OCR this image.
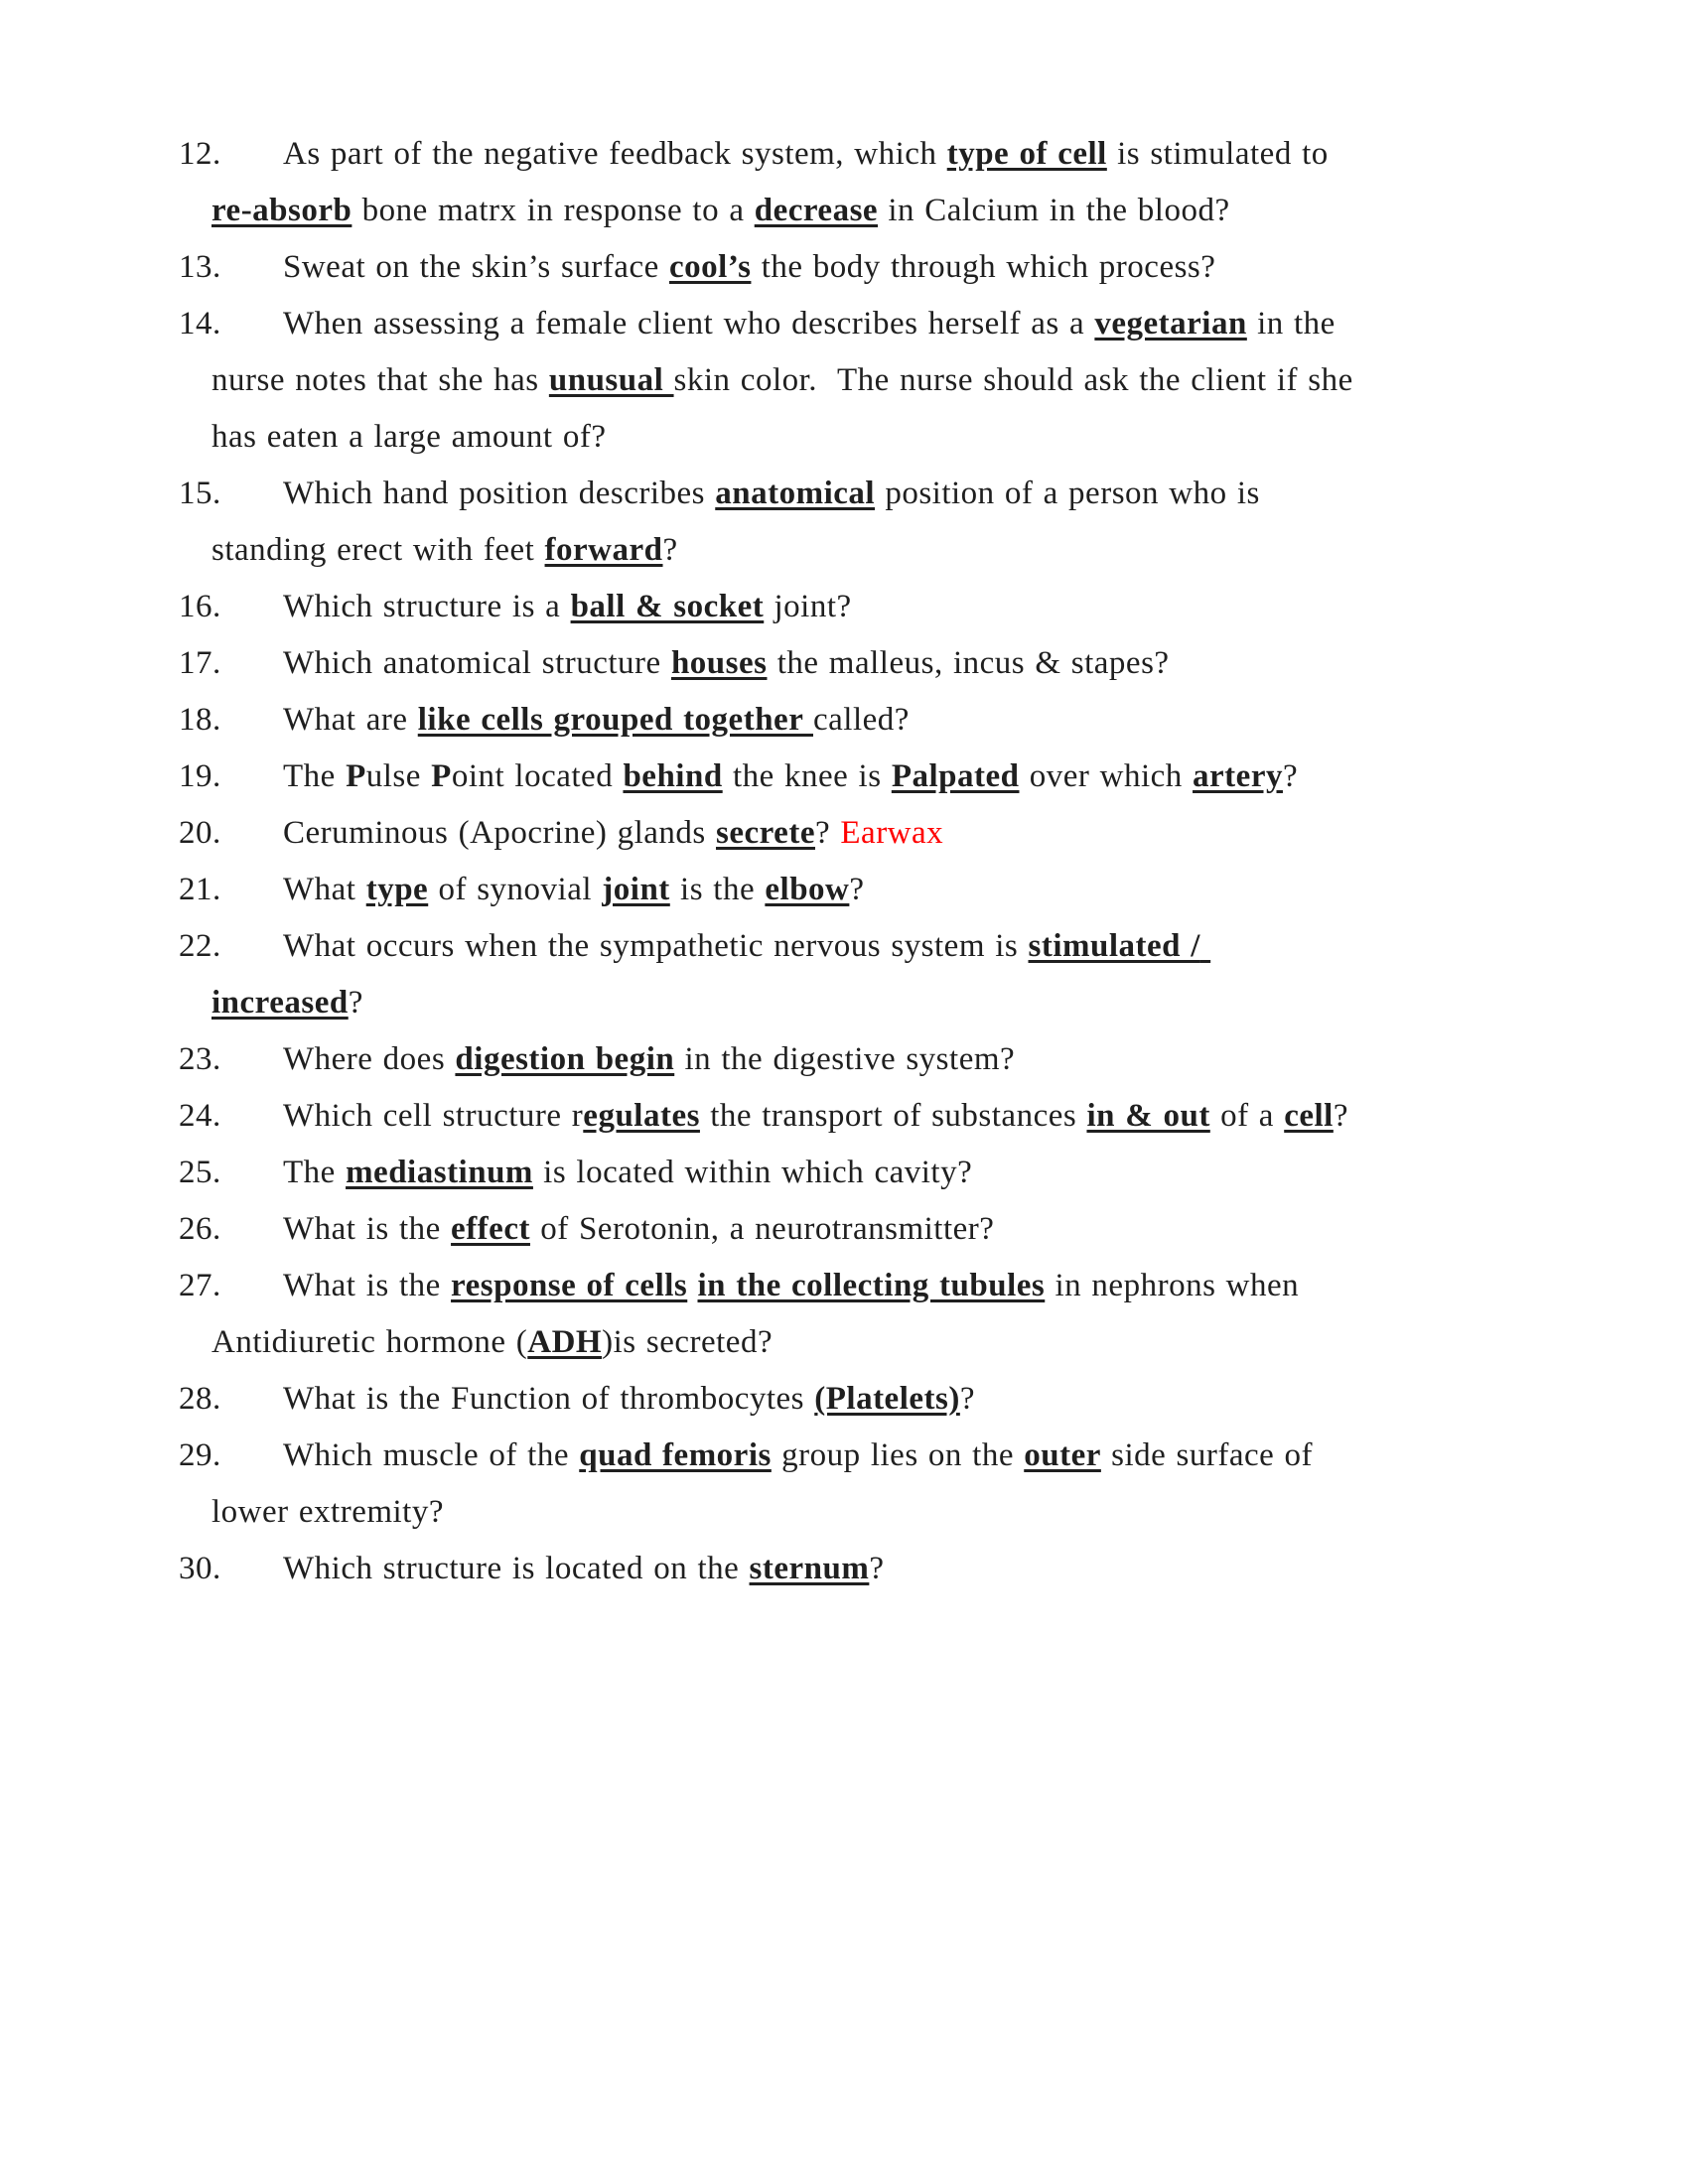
12. As part of the negative feedback system, which type of cell is stimulated to re-absorb bone matrx in response to a decrease in Calcium in the blood?
13. Sweat on the skin’s surface cool’s the body through which process?
14. When assessing a female client who describes herself as a vegetarian in the nurse notes that she has unusual skin color.  The nurse should ask the client if she has eaten a large amount of?
15. Which hand position describes anatomical position of a person who is standing erect with feet forward?
16. Which structure is a ball & socket joint?
17. Which anatomical structure houses the malleus, incus & stapes?
18. What are like cells grouped together called?
19. The Pulse Point located behind the knee is Palpated over which artery?
20. Ceruminous (Apocrine) glands secrete? Earwax
21. What type of synovial joint is the elbow?
22. What occurs when the sympathetic nervous system is stimulated / increased?
23. Where does digestion begin in the digestive system?
24. Which cell structure regulates the transport of substances in & out of a cell?
25. The mediastinum is located within which cavity?
26. What is the effect of Serotonin, a neurotransmitter?
27. What is the response of cells in the collecting tubules in nephrons when Antidiuretic hormone (ADH)is secreted?
28. What is the Function of thrombocytes (Platelets)?
29. Which muscle of the quad femoris group lies on the outer side surface of lower extremity?
30. Which structure is located on the sternum?
